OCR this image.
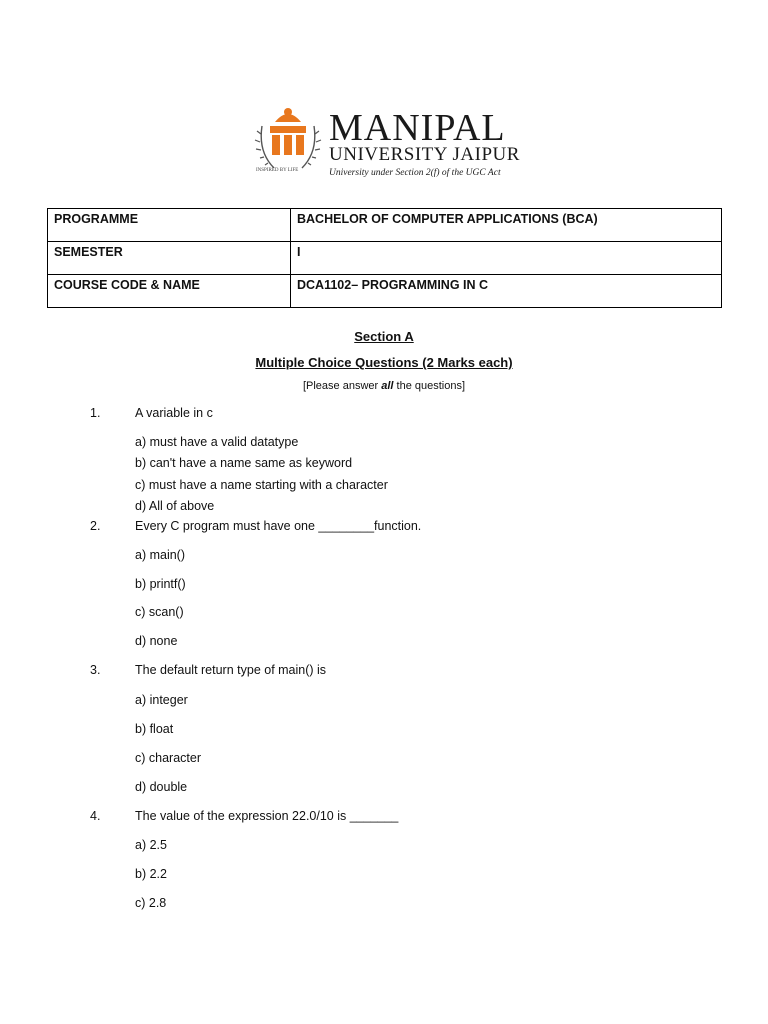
MANIPAL
UNIVERSITY JAIPUR
University under Section 2(f) of the UGC Act
INSPIRED BY LIFE
PROGRAMME	BACHELOR OF COMPUTER APPLICATIONS (BCA)
SEMESTER	I
COURSE CODE & NAME	DCA1102– PROGRAMMING IN C
Section A
Multiple Choice Questions (2 Marks each)
[Please answer all the questions]
1.	A variable in c
a) must have a valid datatype
b) can't have a name same as keyword
c) must have a name starting with a character
d) All of above
2.	Every C program must have one ________function.
a) main()
b) printf()
c) scan()
d) none
3.	The default return type of main() is
a) integer
b) float
c) character
d) double
4.	The value of the expression 22.0/10 is _______
a) 2.5
b) 2.2
c) 2.8
